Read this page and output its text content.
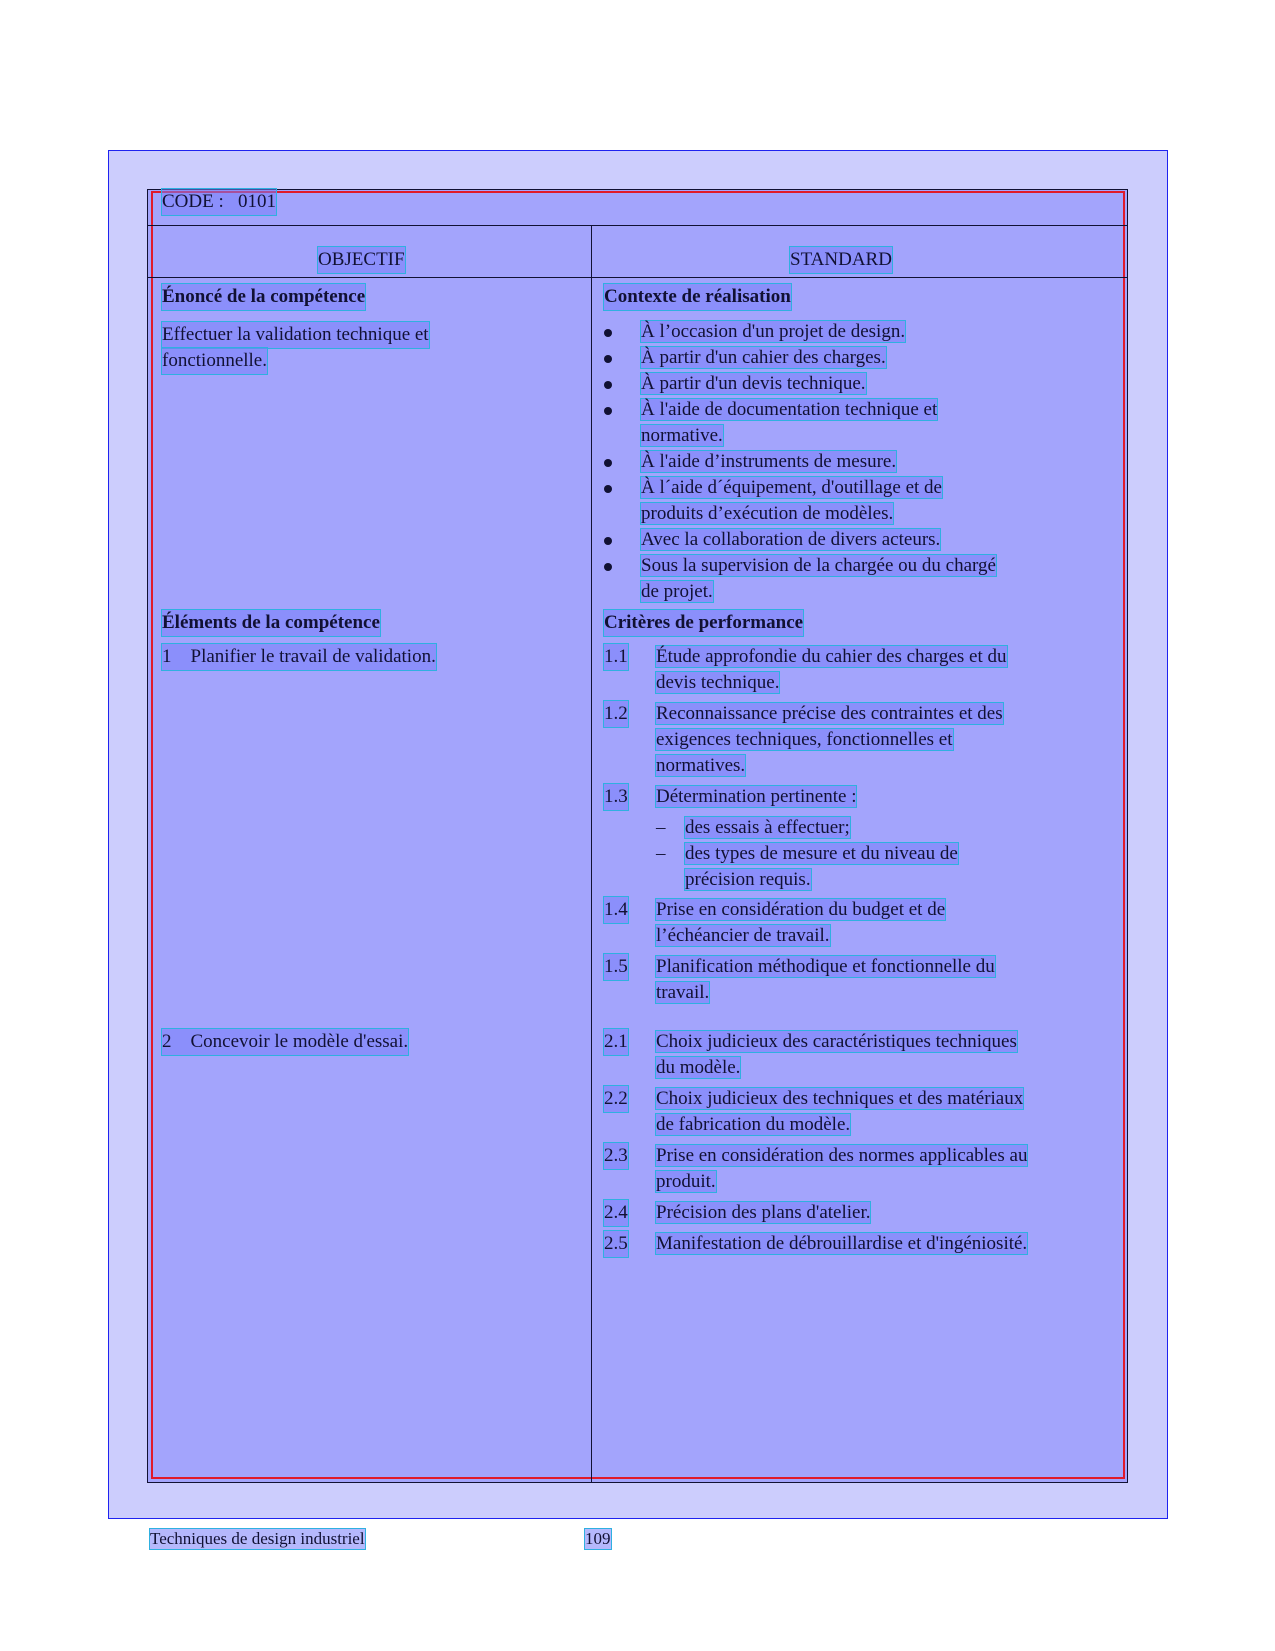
CODE : 0101
OBJECTIF	STANDARD
Énoncé de la compétence
Effectuer la validation technique et
fonctionnelle.
Contexte de réalisation
À l’occasion d'un projet de design.
À partir d'un cahier des charges.
À partir d'un devis technique.
À l'aide de documentation technique et
normative.
À l'aide d’instruments de mesure.
À l´aide d´équipement, d'outillage et de
produits d’exécution de modèles.
Avec la collaboration de divers acteurs.
Sous la supervision de la chargée ou du chargé
de projet.
Éléments de la compétence
1 Planifier le travail de validation.
2 Concevoir le modèle d'essai.
Critères de performance
1.1 Étude approfondie du cahier des charges et du
devis technique.
1.2 Reconnaissance précise des contraintes et des
exigences techniques, fonctionnelles et
normatives.
1.3 Détermination pertinente :
– des essais à effectuer;
– des types de mesure et du niveau de
précision requis.
1.4 Prise en considération du budget et de
l’échéancier de travail.
1.5 Planification méthodique et fonctionnelle du
travail.
2.1 Choix judicieux des caractéristiques techniques
du modèle.
2.2 Choix judicieux des techniques et des matériaux
de fabrication du modèle.
2.3 Prise en considération des normes applicables au
produit.
2.4 Précision des plans d'atelier.
2.5 Manifestation de débrouillardise et d'ingéniosité.
Techniques de design industriel	109
